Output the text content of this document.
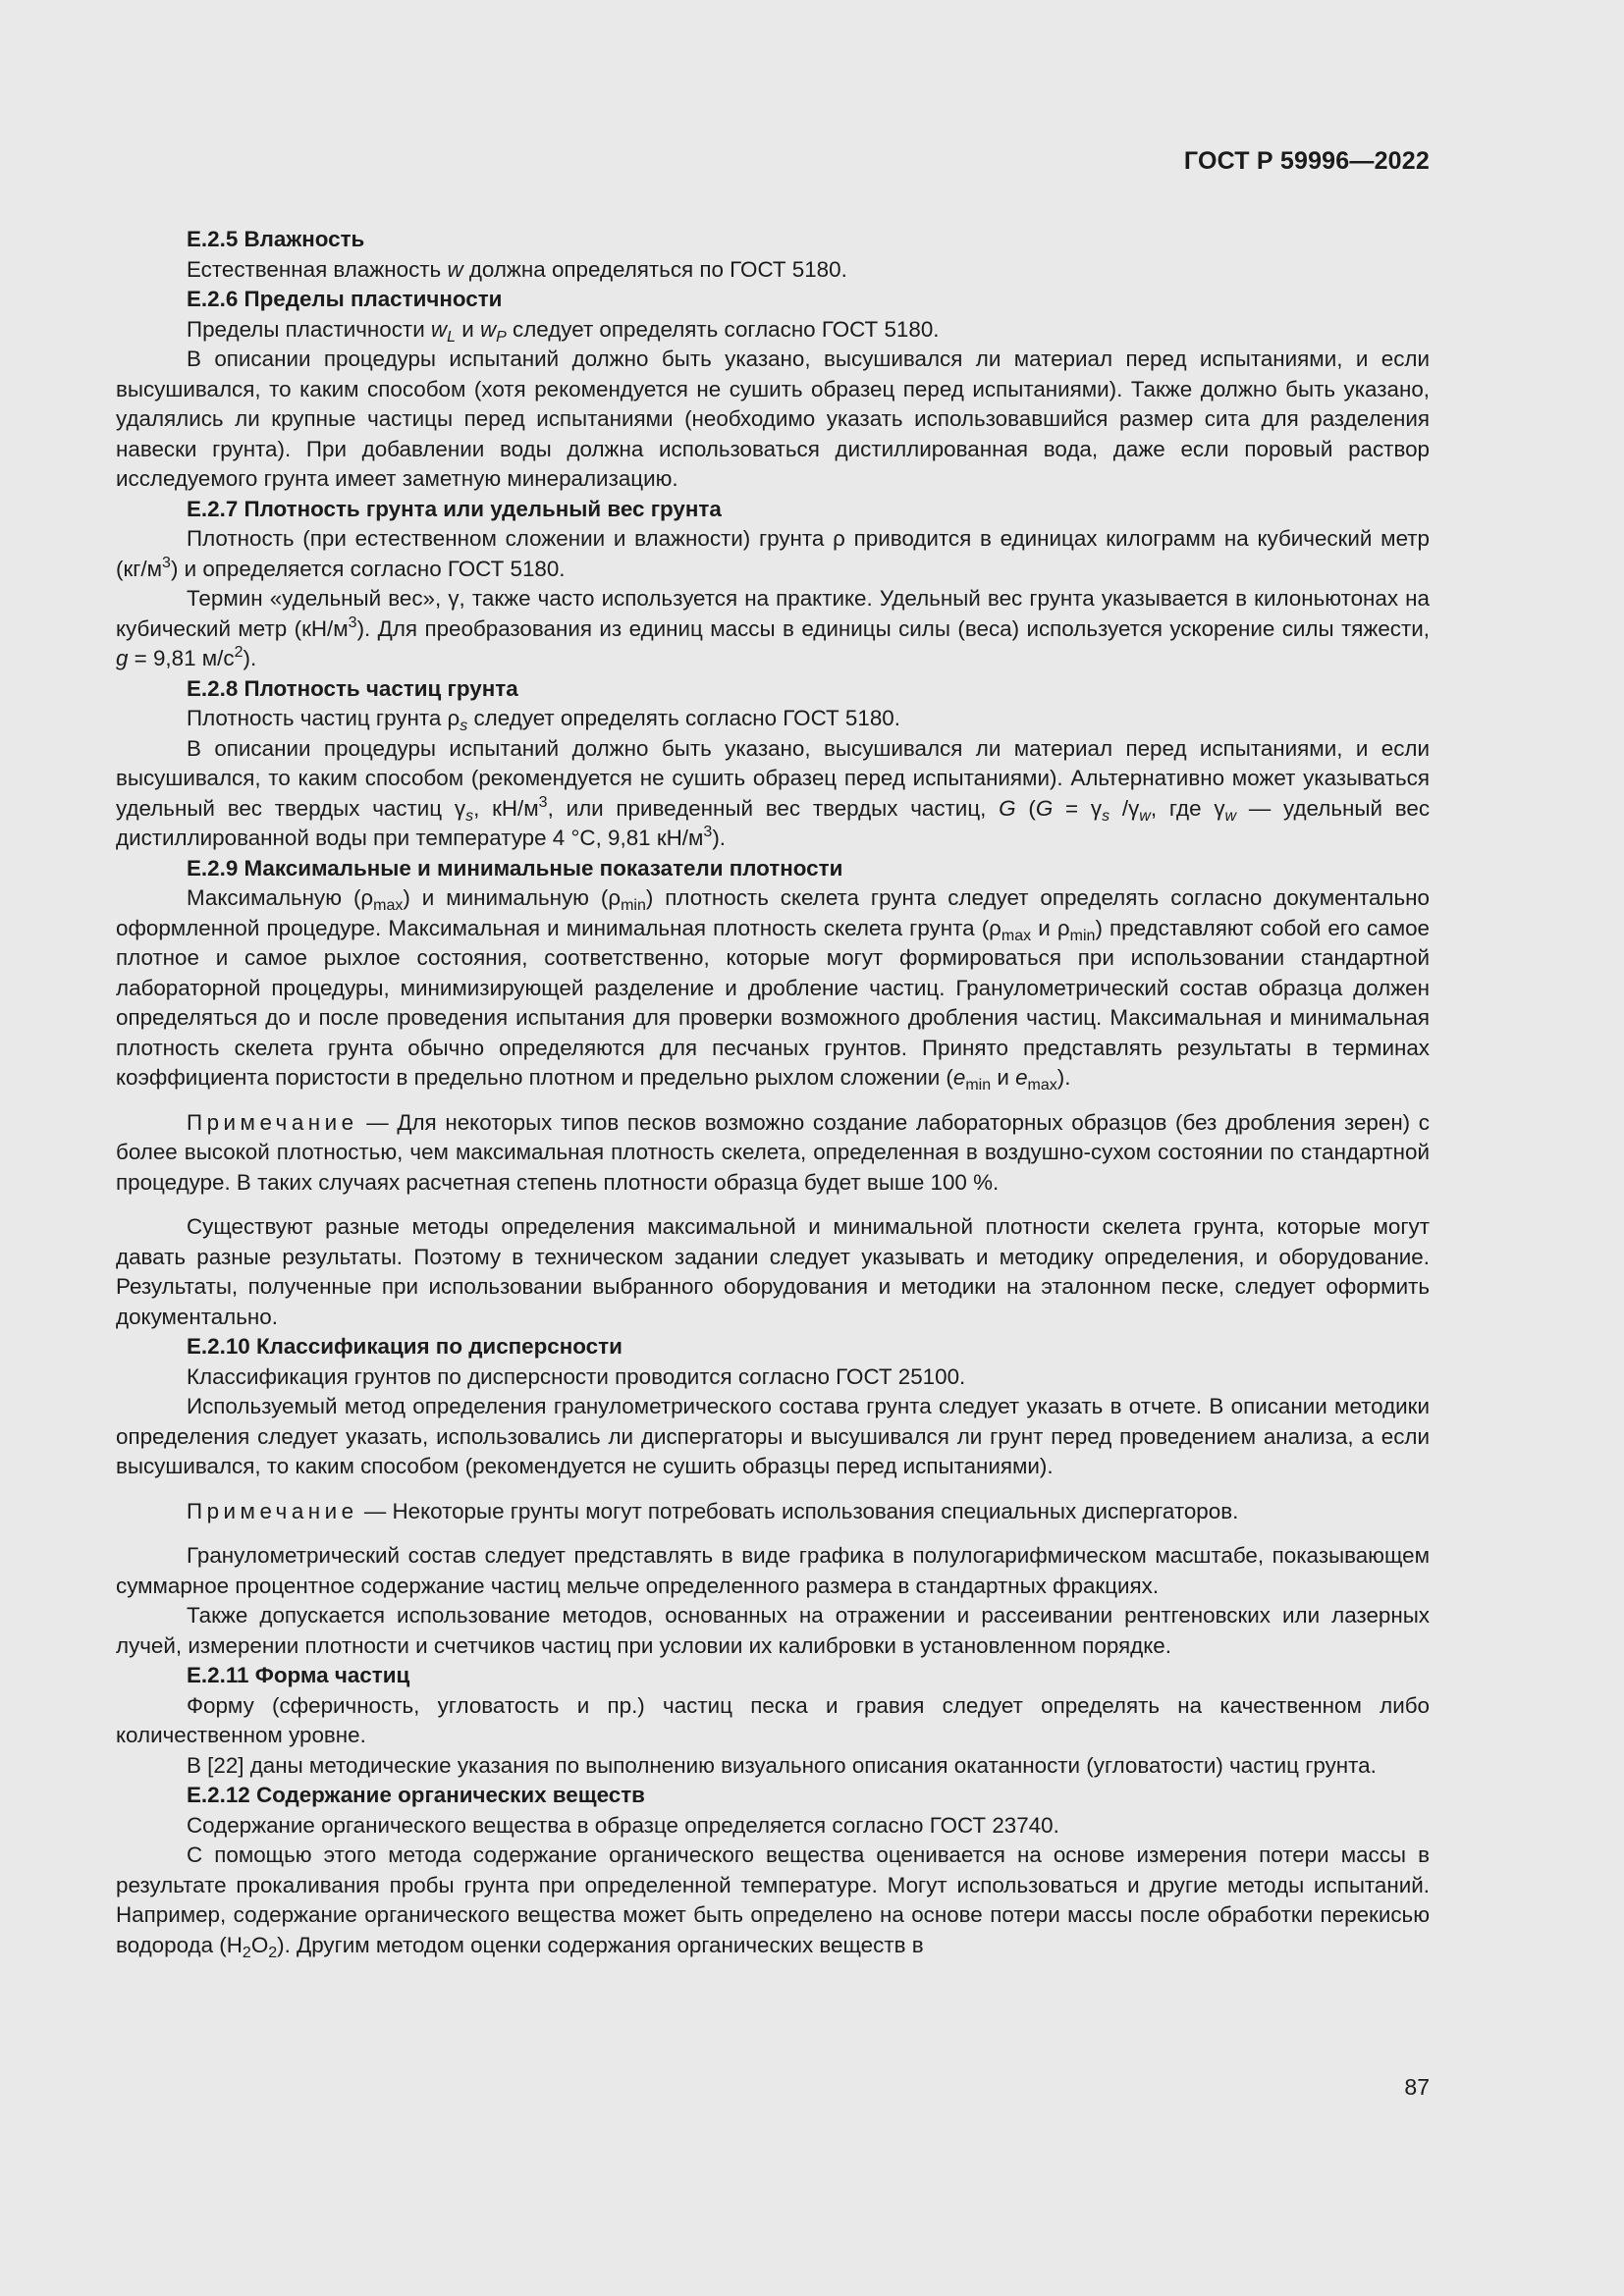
ГОСТ Р 59996—2022
E.2.5 Влажность

Естественная влажность w должна определяться по ГОСТ 5180.

E.2.6 Пределы пластичности

Пределы пластичности $w_L$ и $w_P$ следует определять согласно ГОСТ 5180.

В описании процедуры испытаний должно быть указано, высушивался ли материал перед испытаниями, и если высушивался, то каким способом (хотя рекомендуется не сушить образец перед испытаниями). Также должно быть указано, удалялись ли крупные частицы перед испытаниями (необходимо указать использовавшийся размер сита для разделения навески грунта). При добавлении воды должна использоваться дистиллированная вода, даже если поровый раствор исследуемого грунта имеет заметную минерализацию.

E.2.7 Плотность грунта или удельный вес грунта

Плотность (при естественном сложении и влажности) грунта ρ приводится в единицах килограмм на кубический метр $(кг/м^3)$ и определяется согласно ГОСТ 5180.

Термин «удельный вес», γ, также часто используется на практике. Удельный вес грунта указывается в килоньютонах на кубический метр $(кН/м^3)$. Для преобразования из единиц массы в единицы силы (веса) используется ускорение силы тяжести, g = 9,81 $м/с^2$).

E.2.8 Плотность частиц грунта

Плотность частиц грунта $\rho_s$ следует определять согласно ГОСТ 5180.

В описании процедуры испытаний должно быть указано, высушивался ли материал перед испытаниями, и если высушивался, то каким способом (рекомендуется не сушить образец перед испытаниями). Альтернативно может указываться удельный вес твердых частиц $\gamma_s$, $кН/м^3$, или приведенный вес твердых частиц, G ($G = \gamma_s$ $/\gamma_w$, где $\gamma_w$ — удельный вес дистиллированной воды при температуре 4 °C, 9,81 $кН/м^3$).

E.2.9 Максимальные и минимальные показатели плотности

Максимальную $(\rho_{max})$ и минимальную $(\rho_{min})$ плотность скелета грунта следует определять согласно документально оформленной процедуре. Максимальная и минимальная плотность скелета грунта ($\rho_{max}$ и $\rho_{min}$) представляют собой его самое плотное и самое рыхлое состояния, соответственно, которые могут формироваться при использовании стандартной лабораторной процедуры, минимизирующей разделение и дробление частиц. Гранулометрический состав образца должен определяться до и после проведения испытания для проверки возможного дробления частиц. Максимальная и минимальная плотность скелета грунта обычно определяются для песчаных грунтов. Принято представлять результаты в терминах коэффициента пористости в предельно плотном и предельно рыхлом сложении ($e_{min}$ и $e_{max}$).

Примечание — Для некоторых типов песков возможно создание лабораторных образцов (без дробления зерен) с более высокой плотностью, чем максимальная плотность скелета, определенная в воздушно-сухом состоянии по стандартной процедуре. В таких случаях расчетная степень плотности образца будет выше 100 %.

Существуют разные методы определения максимальной и минимальной плотности скелета грунта, которые могут давать разные результаты. Поэтому в техническом задании следует указывать и методику определения, и оборудование. Результаты, полученные при использовании выбранного оборудования и методики на эталонном песке, следует оформить документально.

E.2.10 Классификация по дисперсности

Классификация грунтов по дисперсности проводится согласно ГОСТ 25100.

Используемый метод определения гранулометрического состава грунта следует указать в отчете. В описании методики определения следует указать, использовались ли диспергаторы и высушивался ли грунт перед проведением анализа, а если высушивался, то каким способом (рекомендуется не сушить образцы перед испытаниями).

Примечание — Некоторые грунты могут потребовать использования специальных диспергаторов.

Гранулометрический состав следует представлять в виде графика в полулогарифмическом масштабе, показывающем суммарное процентное содержание частиц мельче определенного размера в стандартных фракциях.

Также допускается использование методов, основанных на отражении и рассеивании рентгеновских или лазерных лучей, измерении плотности и счетчиков частиц при условии их калибровки в установленном порядке.

E.2.11 Форма частиц

Форму (сферичность, угловатость и пр.) частиц песка и гравия следует определять на качественном либо количественном уровне.

В [22] даны методические указания по выполнению визуального описания окатанности (угловатости) частиц грунта.

E.2.12 Содержание органических веществ

Содержание органического вещества в образце определяется согласно ГОСТ 23740.

С помощью этого метода содержание органического вещества оценивается на основе измерения потери массы в результате прокаливания пробы грунта при определенной температуре. Могут использоваться и другие методы испытаний. Например, содержание органического вещества может быть определено на основе потери массы после обработки перекисью водорода $(H_2O_2)$. Другим методом оценки содержания органических веществ в

87
